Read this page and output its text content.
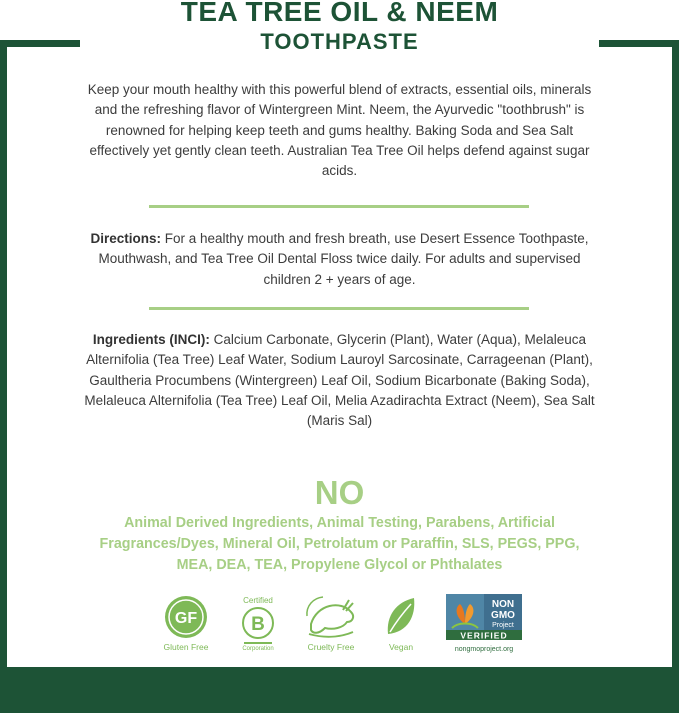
TEA TREE OIL & NEEM
TOOTHPASTE

Keep your mouth healthy with this powerful blend of extracts, essential oils, minerals and the refreshing flavor of Wintergreen Mint. Neem, the Ayurvedic "toothbrush" is renowned for helping keep teeth and gums healthy. Baking Soda and Sea Salt effectively yet gently clean teeth. Australian Tea Tree Oil helps defend against sugar acids.

Directions: For a healthy mouth and fresh breath, use Desert Essence Toothpaste, Mouthwash, and Tea Tree Oil Dental Floss twice daily. For adults and supervised children 2 + years of age.

Ingredients (INCI): Calcium Carbonate, Glycerin (Plant), Water (Aqua), Melaleuca Alternifolia (Tea Tree) Leaf Water, Sodium Lauroyl Sarcosinate, Carrageenan (Plant), Gaultheria Procumbens (Wintergreen) Leaf Oil, Sodium Bicarbonate (Baking Soda), Melaleuca Alternifolia (Tea Tree) Leaf Oil, Melia Azadirachta Extract (Neem), Sea Salt (Maris Sal)

NO

Animal Derived Ingredients, Animal Testing, Parabens, Artificial Fragrances/Dyes, Mineral Oil, Petrolatum or Paraffin, SLS, PEGS, PPG, MEA, DEA, TEA, Propylene Glycol or Phthalates

GF
Gluten Free
Certified
B
Corporation	Cruelty Free	Vegan
NON
GMO
Project
VERIFIED
nongmoproject.org
